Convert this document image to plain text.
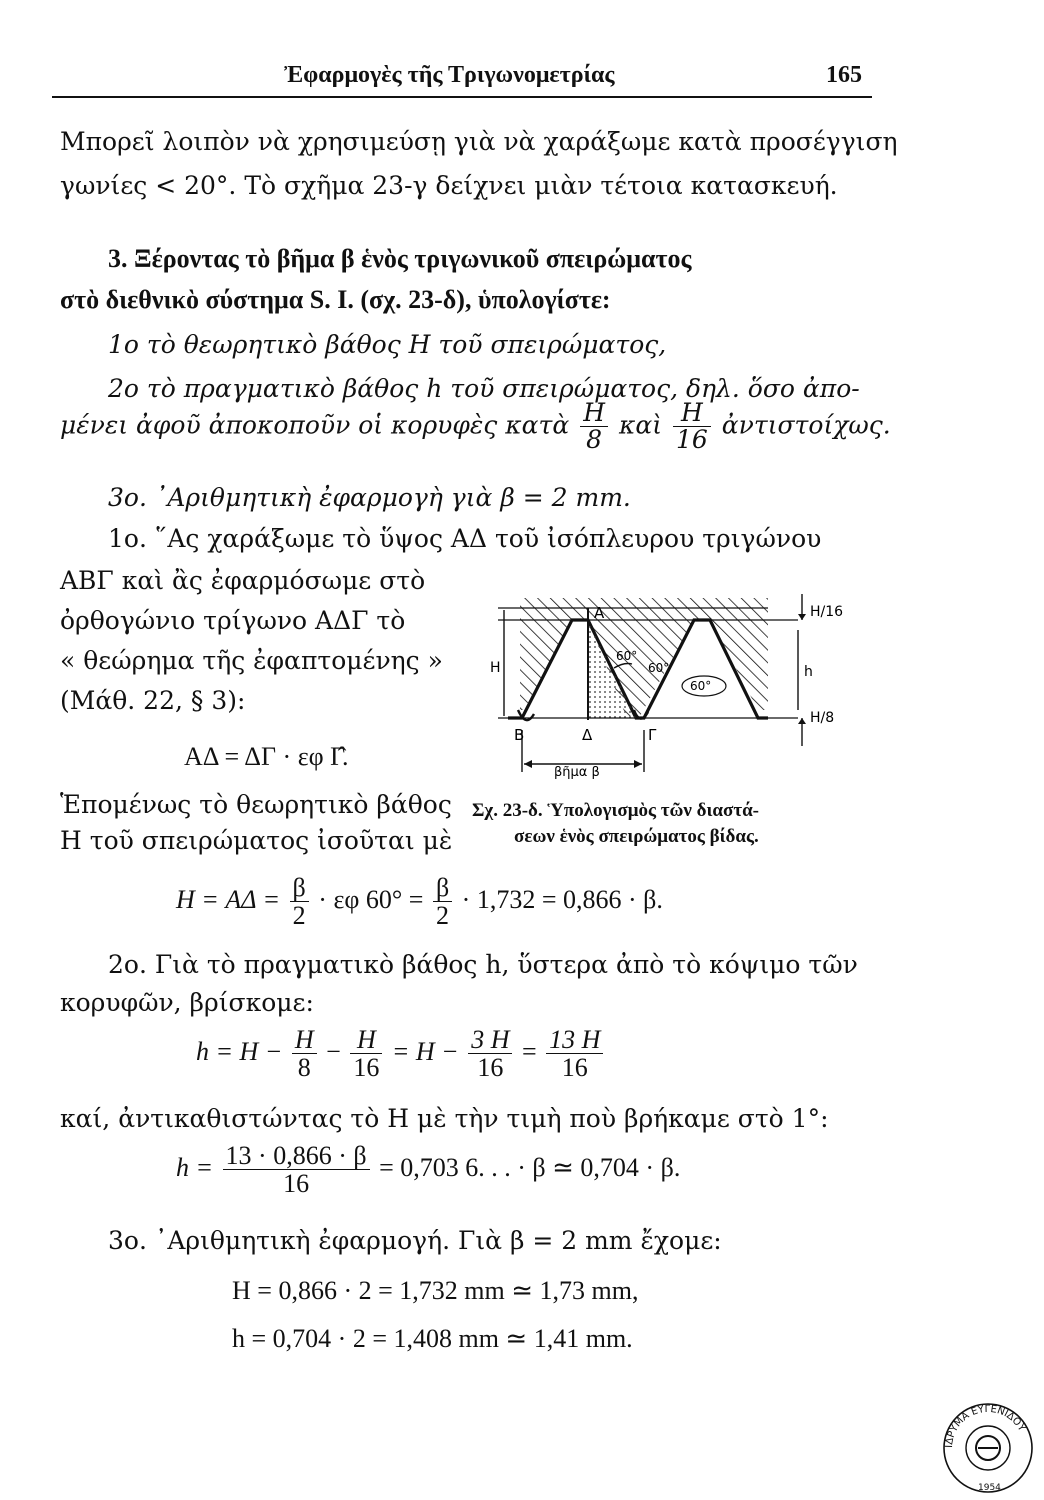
Ἐφαρμογὲς τῆς Τριγωνομετρίας	165
Μπορεῖ λοιπὸν νὰ χρησιμεύσῃ γιὰ νὰ χαράξωμε κατὰ προσέγγιση
γωνίες < 20°. Τὸ σχῆμα 23-γ δείχνει μιὰν τέτοια κατασκευή.
3. Ξέροντας τὸ βῆμα β ἑνὸς τριγωνικοῦ σπειρώματος
στὸ διεθνικὸ σύστημα S. I. (σχ. 23-δ), ὑπολογίστε:
1ο τὸ θεωρητικὸ βάθος H τοῦ σπειρώματος,
2ο τὸ πραγματικὸ βάθος h τοῦ σπειρώματος, δηλ. ὅσο ἀπο-
μένει ἀφοῦ ἀποκοποῦν οἱ κορυφὲς κατὰ $\frac{H}{8}$ καὶ $\frac{H}{16}$ ἀντιστοίχως.
3ο. ᾿Αριθμητικὴ ἐφαρμογὴ γιὰ β = 2 mm.
1ο. ῞Ας χαράξωμε τὸ ὕψος ΑΔ τοῦ ἰσόπλευρου τριγώνου
ΑΒΓ καὶ ἂς ἐφαρμόσωμε στὸ
ὀρθογώνιο τρίγωνο ΑΔΓ τὸ
« θεώρημα τῆς ἐφαπτομένης »
(Μάθ. 22, § 3):
ΑΔ = ΔΓ · εφ Γ̂.
Ἑπομένως τὸ θεωρητικὸ βάθος
H τοῦ σπειρώματος ἰσοῦται μὲ
Α
Β	Δ	Γ
60°
60°
60°
H/16
H/8
H	h
βῆμα β
Σχ. 23-δ. Ὑπολογισμὸς τῶν διαστά-
σεων ἑνὸς σπειρώματος βίδας.
$H = A\Delta = \frac{\beta}{2} \cdot \varepsilon\varphi$ $60^\circ = \frac{\beta}{2} \cdot 1,732 = 0,866 \cdot \beta$.
2ο. Γιὰ τὸ πραγματικὸ βάθος h, ὕστερα ἀπὸ τὸ κόψιμο τῶν
κορυφῶν, βρίσκομε:
$h = H - \frac{H}{8} - \frac{H}{16} = H - \frac{3 H}{16} = \frac{13 H}{16}$
καί, ἀντικαθιστώντας τὸ H μὲ τὴν τιμὴ ποὺ βρήκαμε στὸ 1°:
$h = \frac{13 \cdot 0,866 \cdot \beta}{16} = 0,703$ 6. . . · β ≃ 0,704 · β.
3ο. ᾿Αριθμητικὴ ἐφαρμογή. Γιὰ β = 2 mm ἔχομε:
H = 0,866 · 2 = 1,732 mm ≃ 1,73 mm,
h = 0,704 · 2 = 1,408 mm ≃ 1,41 mm.
ΙΔΡΥΜΑ ΕΥΓΕΝΙΔΟΥ
1954
